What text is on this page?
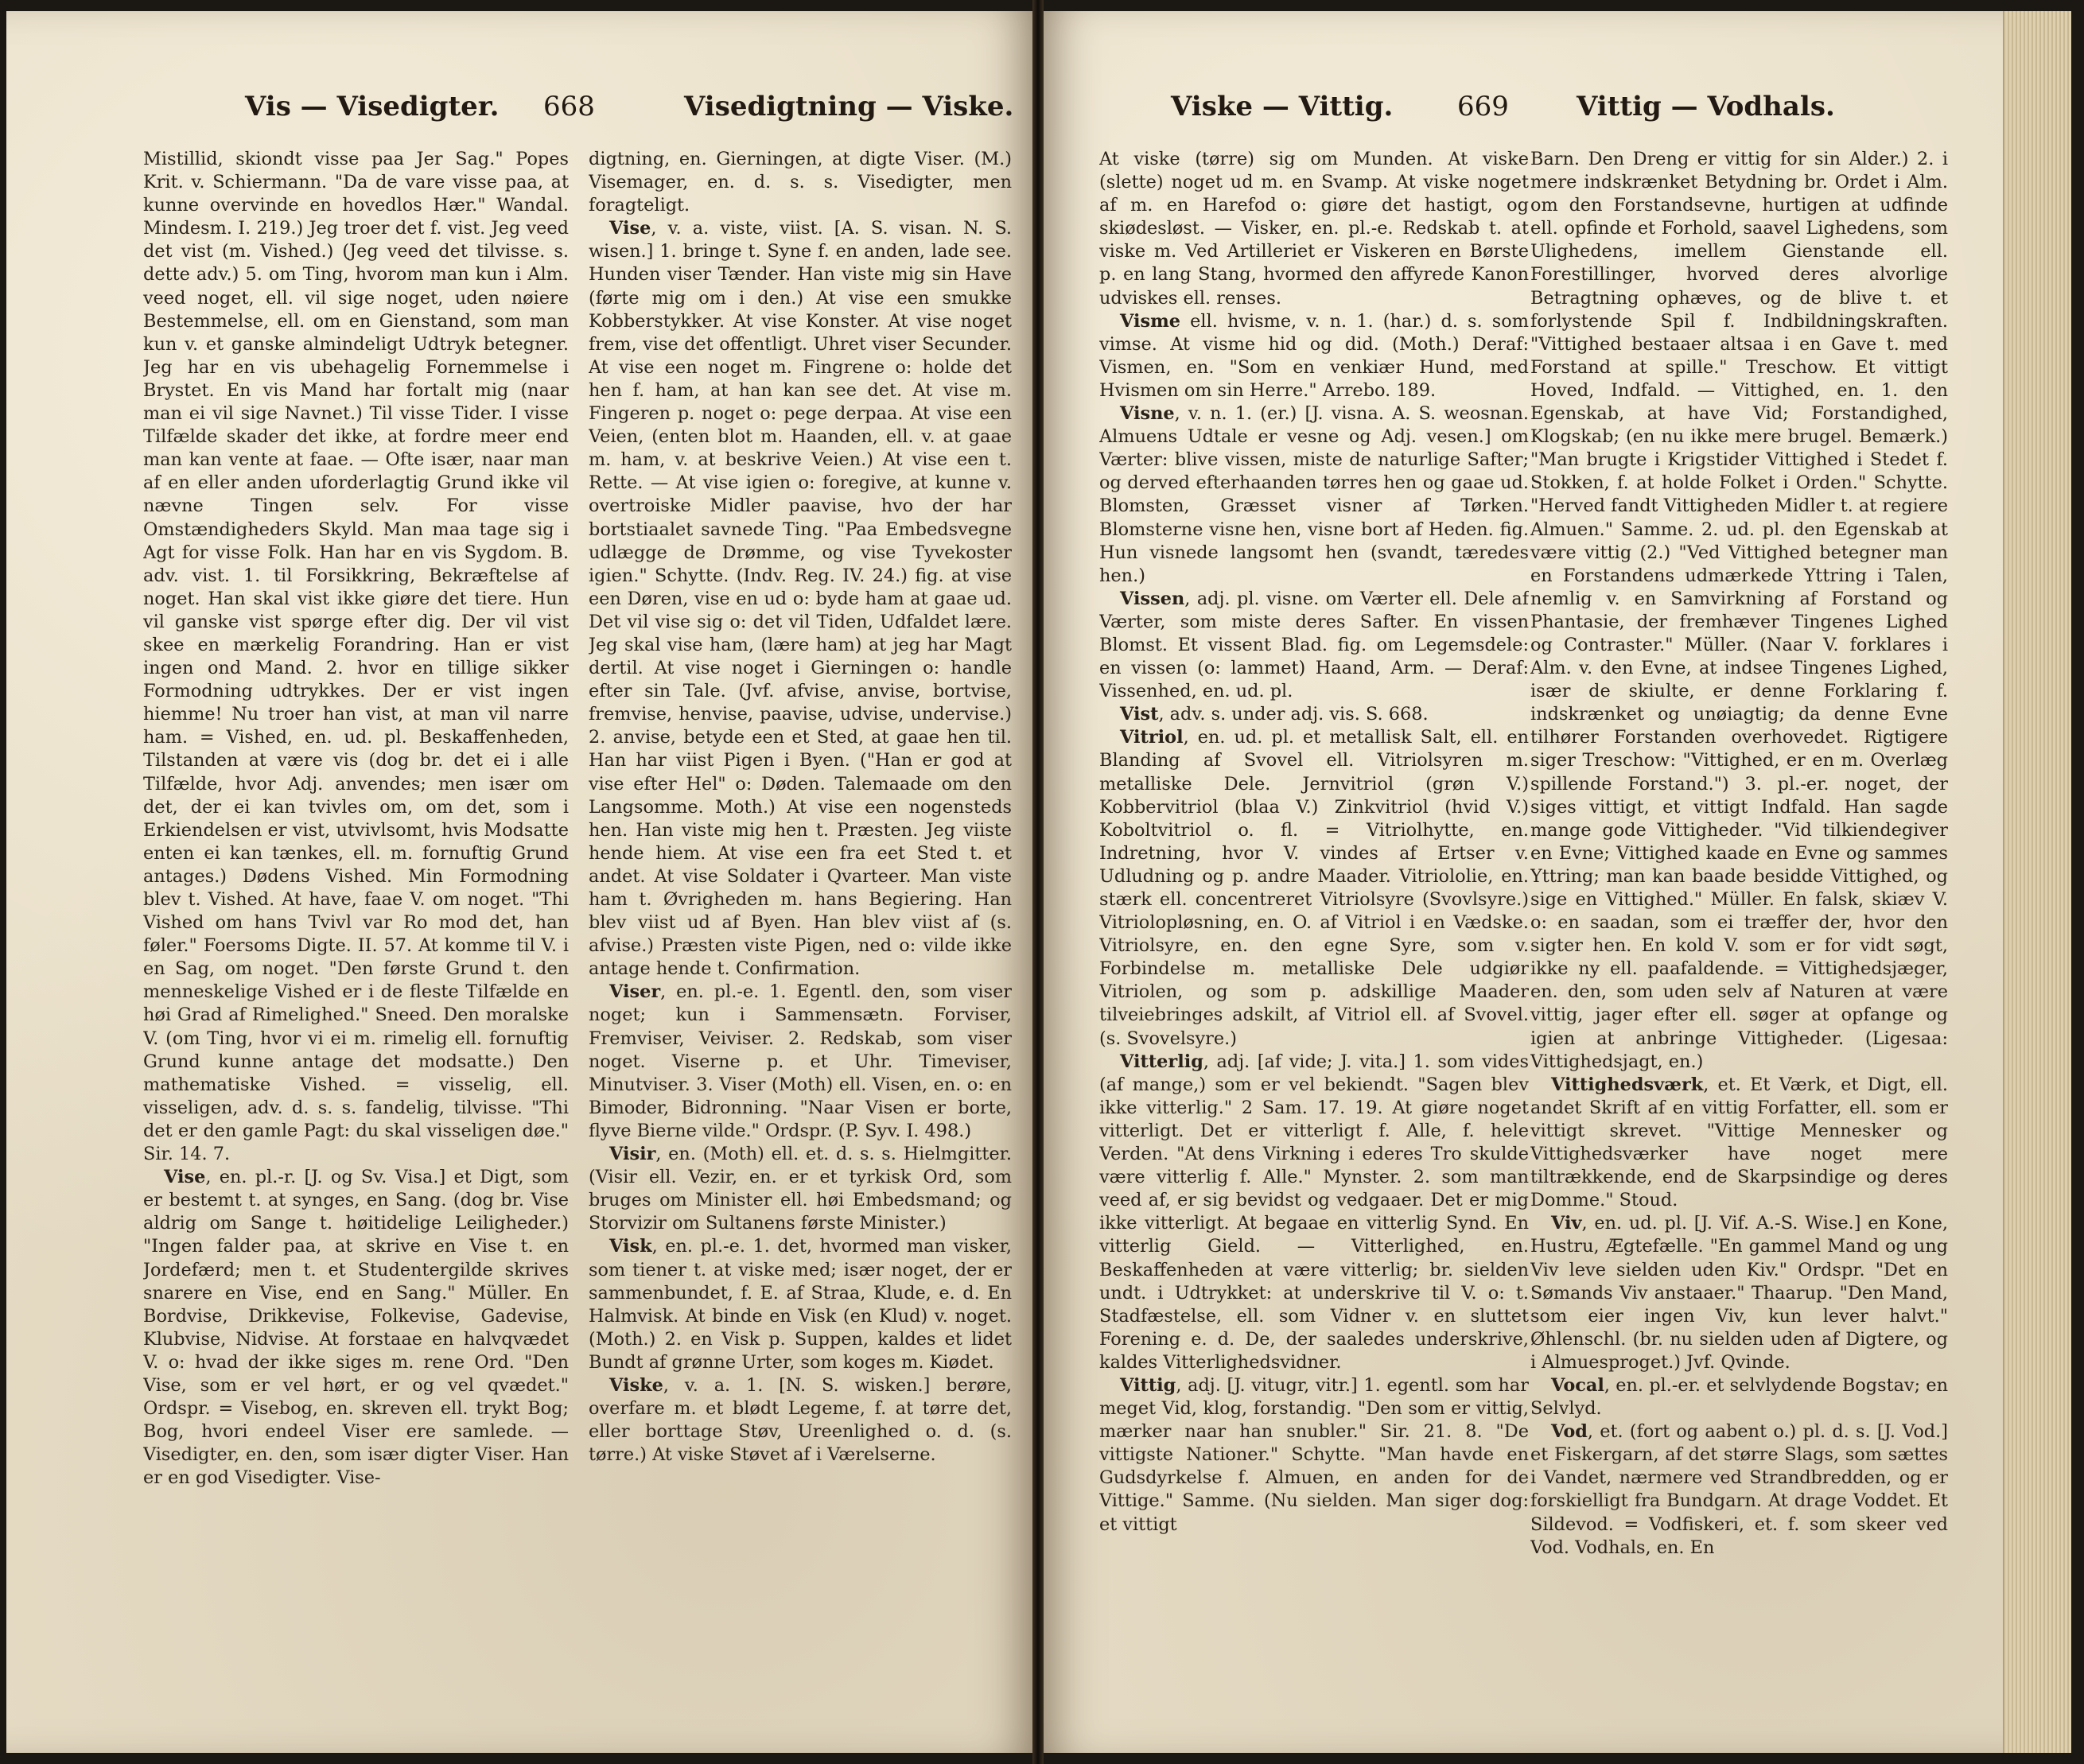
Vis — Visedigter. 668	Visedigtning — Viske.

Mistillid, skiondt visse paa Jer Sag." Popes Krit. v. Schiermann. "Da de vare visse paa, at kunne overvinde en hovedlos Hær." Wandal. Mindesm. I. 219.) Jeg troer det f. vist. Jeg veed det vist (m. Vished.) (Jeg veed det tilvisse. s. dette adv.) 5. om Ting, hvorom man kun i Alm. veed noget, ell. vil sige noget, uden nøiere Bestemmelse, ell. om en Gienstand, som man kun v. et ganske almindeligt Udtryk betegner. Jeg har en vis ubehagelig Fornemmelse i Brystet. En vis Mand har fortalt mig (naar man ei vil sige Navnet.) Til visse Tider. I visse Tilfælde skader det ikke, at fordre meer end man kan vente at faae. — Ofte især, naar man af en eller anden uforderlagtig Grund ikke vil nævne Tingen selv. For visse Omstændigheders Skyld. Man maa tage sig i Agt for visse Folk. Han har en vis Sygdom. B. adv. vist. 1. til Forsikkring, Bekræftelse af noget. Han skal vist ikke giøre det tiere. Hun vil ganske vist spørge efter dig. Der vil vist skee en mærkelig Forandring. Han er vist ingen ond Mand. 2. hvor en tillige sikker Formodning udtrykkes. Der er vist ingen hiemme! Nu troer han vist, at man vil narre ham. = Vished, en. ud. pl. Beskaffenheden, Tilstanden at være vis (dog br. det ei i alle Tilfælde, hvor Adj. anvendes; men især om det, der ei kan tvivles om, om det, som i Erkiendelsen er vist, utvivlsomt, hvis Modsatte enten ei kan tænkes, ell. m. fornuftig Grund antages.) Dødens Vished. Min Formodning blev t. Vished. At have, faae V. om noget. "Thi Vished om hans Tvivl var Ro mod det, han føler." Foersoms Digte. II. 57. At komme til V. i en Sag, om noget. "Den første Grund t. den menneskelige Vished er i de fleste Tilfælde en høi Grad af Rimelighed." Sneed. Den moralske V. (om Ting, hvor vi ei m. rimelig ell. fornuftig Grund kunne antage det modsatte.) Den mathematiske Vished. = visselig, ell. visseligen, adv. d. s. s. fandelig, tilvisse. "Thi det er den gamle Pagt: du skal visseligen døe." Sir. 14. 7.

Vise, en. pl.-r. [J. og Sv. Visa.] et Digt, som er bestemt t. at synges, en Sang. (dog br. Vise aldrig om Sange t. høitidelige Leiligheder.) "Ingen falder paa, at skrive en Vise t. en Jordefærd; men t. et Studentergilde skrives snarere en Vise, end en Sang." Müller. En Bordvise, Drikkevise, Folkevise, Gadevise, Klubvise, Nidvise. At forstaae en halvqvædet V. o: hvad der ikke siges m. rene Ord. "Den Vise, som er vel hørt, er og vel qvædet." Ordspr. = Visebog, en. skreven ell. trykt Bog; Bog, hvori endeel Viser ere samlede. — Visedigter, en. den, som især digter Viser. Han er en god Visedigter. Vise-

digtning, en. Gierningen, at digte Viser. (M.) Visemager, en. d. s. s. Visedigter, men foragteligt.

Vise, v. a. viste, viist. [A. S. visan. N. S. wisen.] 1. bringe t. Syne f. en anden, lade see. Hunden viser Tænder. Han viste mig sin Have (førte mig om i den.) At vise een smukke Kobberstykker. At vise Konster. At vise noget frem, vise det offentligt. Uhret viser Secunder. At vise een noget m. Fingrene o: holde det hen f. ham, at han kan see det. At vise m. Fingeren p. noget o: pege derpaa. At vise een Veien, (enten blot m. Haanden, ell. v. at gaae m. ham, v. at beskrive Veien.) At vise een t. Rette. — At vise igien o: foregive, at kunne v. overtroiske Midler paavise, hvo der har bortstiaalet savnede Ting. "Paa Embedsvegne udlægge de Drømme, og vise Tyvekoster igien." Schytte. (Indv. Reg. IV. 24.) fig. at vise een Døren, vise en ud o: byde ham at gaae ud. Det vil vise sig o: det vil Tiden, Udfaldet lære. Jeg skal vise ham, (lære ham) at jeg har Magt dertil. At vise noget i Gierningen o: handle efter sin Tale. (Jvf. afvise, anvise, bortvise, fremvise, henvise, paavise, udvise, undervise.) 2. anvise, betyde een et Sted, at gaae hen til. Han har viist Pigen i Byen. ("Han er god at vise efter Hel" o: Døden. Talemaade om den Langsomme. Moth.) At vise een nogensteds hen. Han viste mig hen t. Præsten. Jeg viiste hende hiem. At vise een fra eet Sted t. et andet. At vise Soldater i Qvarteer. Man viste ham t. Øvrigheden m. hans Begiering. Han blev viist ud af Byen. Han blev viist af (s. afvise.) Præsten viste Pigen, ned o: vilde ikke antage hende t. Confirmation.

Viser, en. pl.-e. 1. Egentl. den, som viser noget; kun i Sammensætn. Forviser, Fremviser, Veiviser. 2. Redskab, som viser noget. Viserne p. et Uhr. Timeviser, Minutviser. 3. Viser (Moth) ell. Visen, en. o: en Bimoder, Bidronning. "Naar Visen er borte, flyve Bierne vilde." Ordspr. (P. Syv. I. 498.)

Visir, en. (Moth) ell. et. d. s. s. Hielmgitter. (Visir ell. Vezir, en. er et tyrkisk Ord, som bruges om Minister ell. høi Embedsmand; og Storvizir om Sultanens første Minister.)

Visk, en. pl.-e. 1. det, hvormed man visker, som tiener t. at viske med; især noget, der er sammenbundet, f. E. af Straa, Klude, e. d. En Halmvisk. At binde en Visk (en Klud) v. noget. (Moth.) 2. en Visk p. Suppen, kaldes et lidet Bundt af grønne Urter, som koges m. Kiødet.

Viske, v. a. 1. [N. S. wisken.] berøre, overfare m. et blødt Legeme, f. at tørre det, eller borttage Støv, Ureenlighed o. d. (s. tørre.) At viske Støvet af i Værelserne.

Viske — Vittig. 669	Vittig — Vodhals.

At viske (tørre) sig om Munden. At viske (slette) noget ud m. en Svamp. At viske noget af m. en Harefod o: giøre det hastigt, og skiødesløst. — Visker, en. pl.-e. Redskab t. at viske m. Ved Artilleriet er Viskeren en Børste p. en lang Stang, hvormed den affyrede Kanon udviskes ell. renses.

Visme ell. hvisme, v. n. 1. (har.) d. s. som vimse. At visme hid og did. (Moth.) Deraf: Vismen, en. "Som en venkiær Hund, med Hvismen om sin Herre." Arrebo. 189.

Visne, v. n. 1. (er.) [J. visna. A. S. weosnan. Almuens Udtale er vesne og Adj. vesen.] om Værter: blive vissen, miste de naturlige Safter; og derved efterhaanden tørres hen og gaae ud. Blomsten, Græsset visner af Tørken. Blomsterne visne hen, visne bort af Heden. fig. Hun visnede langsomt hen (svandt, tæredes hen.)

Vissen, adj. pl. visne. om Værter ell. Dele af Værter, som miste deres Safter. En vissen Blomst. Et vissent Blad. fig. om Legemsdele: en vissen (o: lammet) Haand, Arm. — Deraf: Vissenhed, en. ud. pl.

Vist, adv. s. under adj. vis. S. 668.

Vitriol, en. ud. pl. et metallisk Salt, ell. en Blanding af Svovel ell. Vitriolsyren m. metalliske Dele. Jernvitriol (grøn V.) Kobbervitriol (blaa V.) Zinkvitriol (hvid V.) Koboltvitriol o. fl. = Vitriolhytte, en. Indretning, hvor V. vindes af Ertser v. Udludning og p. andre Maader. Vitriololie, en. stærk ell. concentreret Vitriolsyre (Svovlsyre.) Vitriolopløsning, en. O. af Vitriol i en Vædske. Vitriolsyre, en. den egne Syre, som v. Forbindelse m. metalliske Dele udgiør Vitriolen, og som p. adskillige Maader tilveiebringes adskilt, af Vitriol ell. af Svovel. (s. Svovelsyre.)

Vitterlig, adj. [af vide; J. vita.] 1. som vides (af mange,) som er vel bekiendt. "Sagen blev ikke vitterlig." 2 Sam. 17. 19. At giøre noget vitterligt. Det er vitterligt f. Alle, f. hele Verden. "At dens Virkning i ederes Tro skulde være vitterlig f. Alle." Mynster. 2. som man veed af, er sig bevidst og vedgaaer. Det er mig ikke vitterligt. At begaae en vitterlig Synd. En vitterlig Gield. — Vitterlighed, en. Beskaffenheden at være vitterlig; br. sielden undt. i Udtrykket: at underskrive til V. o: t. Stadfæstelse, ell. som Vidner v. en sluttet Forening e. d. De, der saaledes underskrive, kaldes Vitterlighedsvidner.

Vittig, adj. [J. vitugr, vitr.] 1. egentl. som har meget Vid, klog, forstandig. "Den som er vittig, mærker naar han snubler." Sir. 21. 8. "De vittigste Nationer." Schytte. "Man havde en Gudsdyrkelse f. Almuen, en anden for de Vittige." Samme. (Nu sielden. Man siger dog: et vittigt

Barn. Den Dreng er vittig for sin Alder.) 2. i mere indskrænket Betydning br. Ordet i Alm. om den Forstandsevne, hurtigen at udfinde ell. opfinde et Forhold, saavel Lighedens, som Ulighedens, imellem Gienstande ell. Forestillinger, hvorved deres alvorlige Betragtning ophæves, og de blive t. et forlystende Spil f. Indbildningskraften. "Vittighed bestaaer altsaa i en Gave t. med Forstand at spille." Treschow. Et vittigt Hoved, Indfald. — Vittighed, en. 1. den Egenskab, at have Vid; Forstandighed, Klogskab; (en nu ikke mere brugel. Bemærk.) "Man brugte i Krigstider Vittighed i Stedet f. Stokken, f. at holde Folket i Orden." Schytte. "Herved fandt Vittigheden Midler t. at regiere Almuen." Samme. 2. ud. pl. den Egenskab at være vittig (2.) "Ved Vittighed betegner man en Forstandens udmærkede Yttring i Talen, nemlig v. en Samvirkning af Forstand og Phantasie, der fremhæver Tingenes Lighed og Contraster." Müller. (Naar V. forklares i Alm. v. den Evne, at indsee Tingenes Lighed, især de skiulte, er denne Forklaring f. indskrænket og unøiagtig; da denne Evne tilhører Forstanden overhovedet. Rigtigere siger Treschow: "Vittighed, er en m. Overlæg spillende Forstand.") 3. pl.-er. noget, der siges vittigt, et vittigt Indfald. Han sagde mange gode Vittigheder. "Vid tilkiendegiver en Evne; Vittighed kaade en Evne og sammes Yttring; man kan baade besidde Vittighed, og sige en Vittighed." Müller. En falsk, skiæv V. o: en saadan, som ei træffer der, hvor den sigter hen. En kold V. som er for vidt søgt, ikke ny ell. paafaldende. = Vittighedsjæger, en. den, som uden selv af Naturen at være vittig, jager efter ell. søger at opfange og igien at anbringe Vittigheder. (Ligesaa: Vittighedsjagt, en.)

Vittighedsværk, et. Et Værk, et Digt, ell. andet Skrift af en vittig Forfatter, ell. som er vittigt skrevet. "Vittige Mennesker og Vittighedsværker have noget mere tiltrækkende, end de Skarpsindige og deres Domme." Stoud.

Viv, en. ud. pl. [J. Vif. A.-S. Wise.] en Kone, Hustru, Ægtefælle. "En gammel Mand og ung Viv leve sielden uden Kiv." Ordspr. "Det en Sømands Viv anstaaer." Thaarup. "Den Mand, som eier ingen Viv, kun lever halvt." Øhlenschl. (br. nu sielden uden af Digtere, og i Almuesproget.) Jvf. Qvinde.

Vocal, en. pl.-er. et selvlydende Bogstav; en Selvlyd.

Vod, et. (fort og aabent o.) pl. d. s. [J. Vod.] et Fiskergarn, af det større Slags, som sættes i Vandet, nærmere ved Strandbredden, og er forskielligt fra Bundgarn. At drage Voddet. Et Sildevod. = Vodfiskeri, et. f. som skeer ved Vod. Vodhals, en. En
